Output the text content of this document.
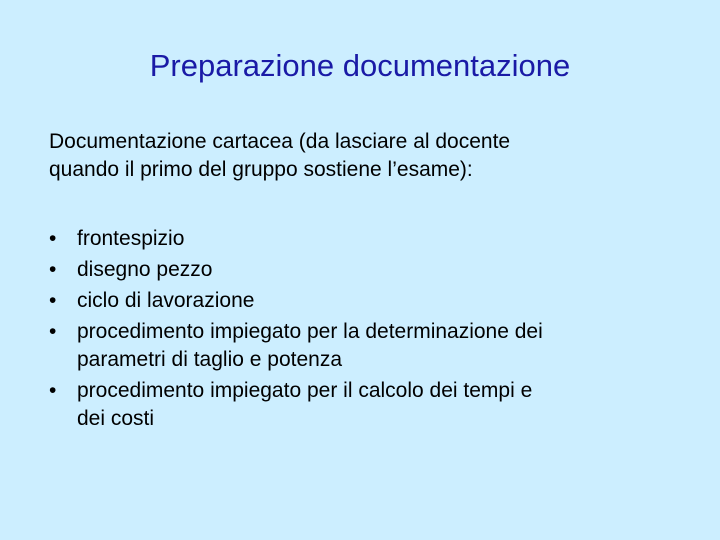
Preparazione documentazione

Documentazione cartacea (da lasciare al docente
quando il primo del gruppo sostiene l’esame):

• frontespizio
• disegno pezzo
• ciclo di lavorazione
• procedimento impiegato per la determinazione dei
parametri di taglio e potenza
• procedimento impiegato per il calcolo dei tempi e
dei costi
